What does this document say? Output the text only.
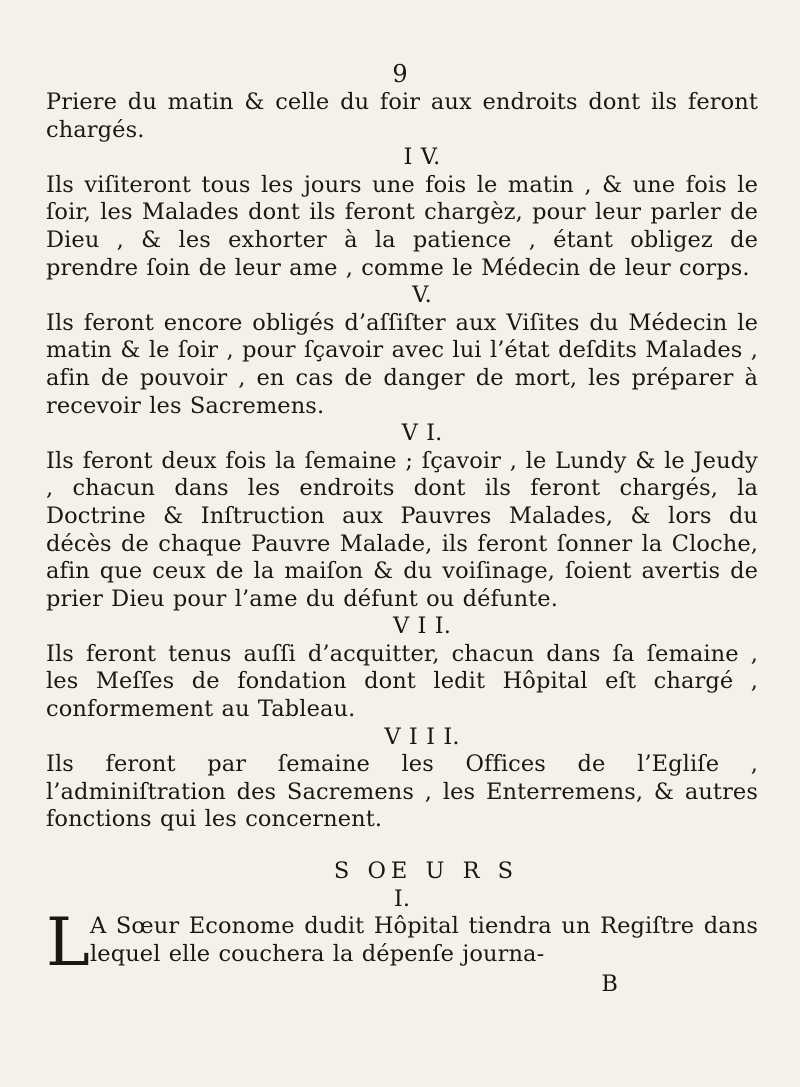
9

Priere du matin & celle du foir aux endroits dont ils feront chargés.

I V.

Ils viſiteront tous les jours une fois le matin , & une fois le ſoir, les Malades dont ils feront chargèz, pour leur parler de Dieu , & les exhorter à la patience , étant obligez de prendre ſoin de leur ame , comme le Médecin de leur corps.

V.

Ils feront encore obligés d’aſſiſter aux Viſites du Médecin le matin & le ſoir , pour ſçavoir avec lui l’état deſdits Malades , afin de pouvoir , en cas de danger de mort, les préparer à recevoir les Sacremens.

V I.

Ils feront deux fois la ſemaine ; ſçavoir , le Lundy & le Jeudy , chacun dans les endroits dont ils feront chargés, la Doctrine & Inſtruction aux Pauvres Malades, & lors du décès de chaque Pauvre Malade, ils feront ſonner la Cloche, afin que ceux de la maiſon & du voiſinage, ſoient avertis de prier Dieu pour l’ame du défunt ou défunte.

V I I.

Ils feront tenus auſſi d’acquitter, chacun dans ſa ſemaine , les Meſſes de fondation dont ledit Hôpital eſt chargé , conformement au Tableau.

V I I I.

Ils feront par ſemaine les Offices de l’Egliſe , l’adminiſtration des Sacremens , les Enterremens, & autres fonctions qui les concernent.

S OE U R S

I.

L A Sœur Econome dudit Hôpital tiendra un Regiſtre dans lequel elle couchera la dépenſe journa-

B
